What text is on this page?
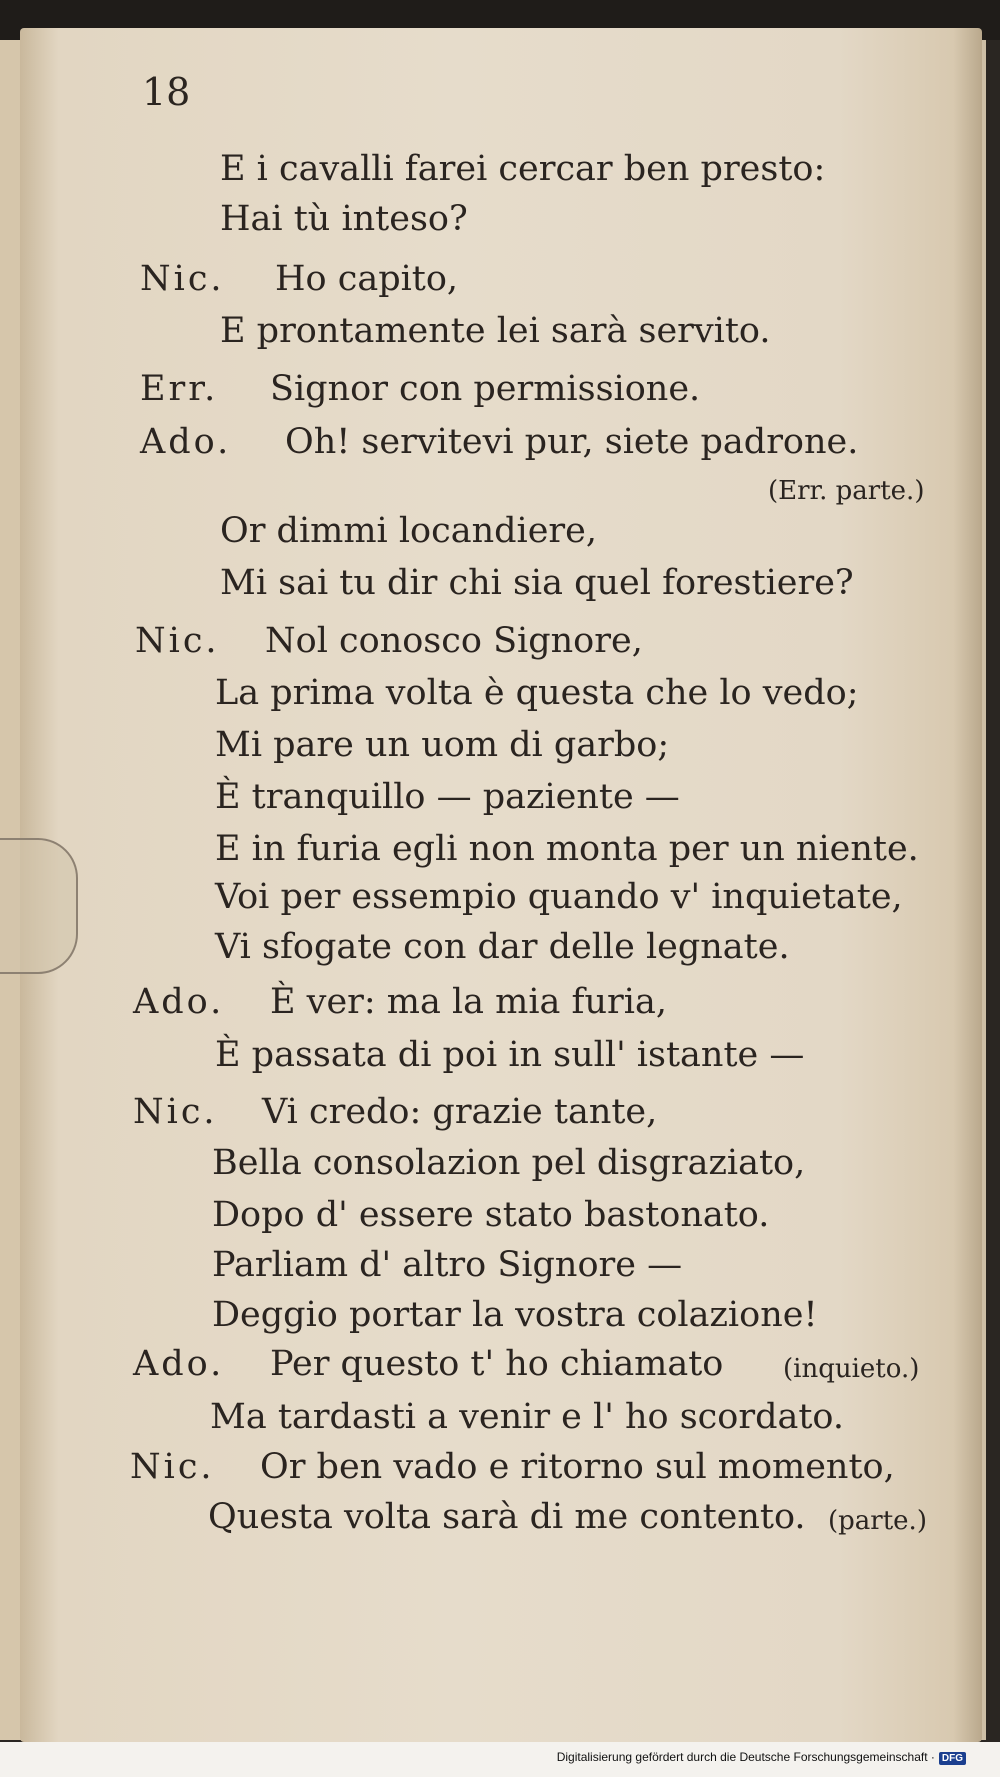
18
Nic.
Err.
Ado.
Nic.
Ado.
Nic.
Ado.
Nic.
E i cavalli farei cercar ben presto:
Hai tù inteso?
Ho capito,
E prontamente lei sarà servito.
Signor con permissione.
Oh! servitevi pur, siete padrone.
(Err. parte.)
Or dimmi locandiere,
Mi sai tu dir chi sia quel forestiere?
Nol conosco Signore,
La prima volta è questa che lo vedo;
Mi pare un uom di garbo;
È tranquillo — paziente —
E in furia egli non monta per un niente.
Voi per essempio quando v' inquietate,
Vi sfogate con dar delle legnate.
È ver: ma la mia furia,
È passata di poi in sull' istante —
Vi credo: grazie tante,
Bella consolazion pel disgraziato,
Dopo d' essere stato bastonato.
Parliam d' altro Signore —
Deggio portar la vostra colazione!
Per questo t' ho chiamato (inquieto.)
Ma tardasti a venir e l' ho scordato.
Or ben vado e ritorno sul momento,
Questa volta sarà di me contento. (parte.)
Digitalisierung gefördert durch die Deutsche Forschungsgemeinschaft · DFG
